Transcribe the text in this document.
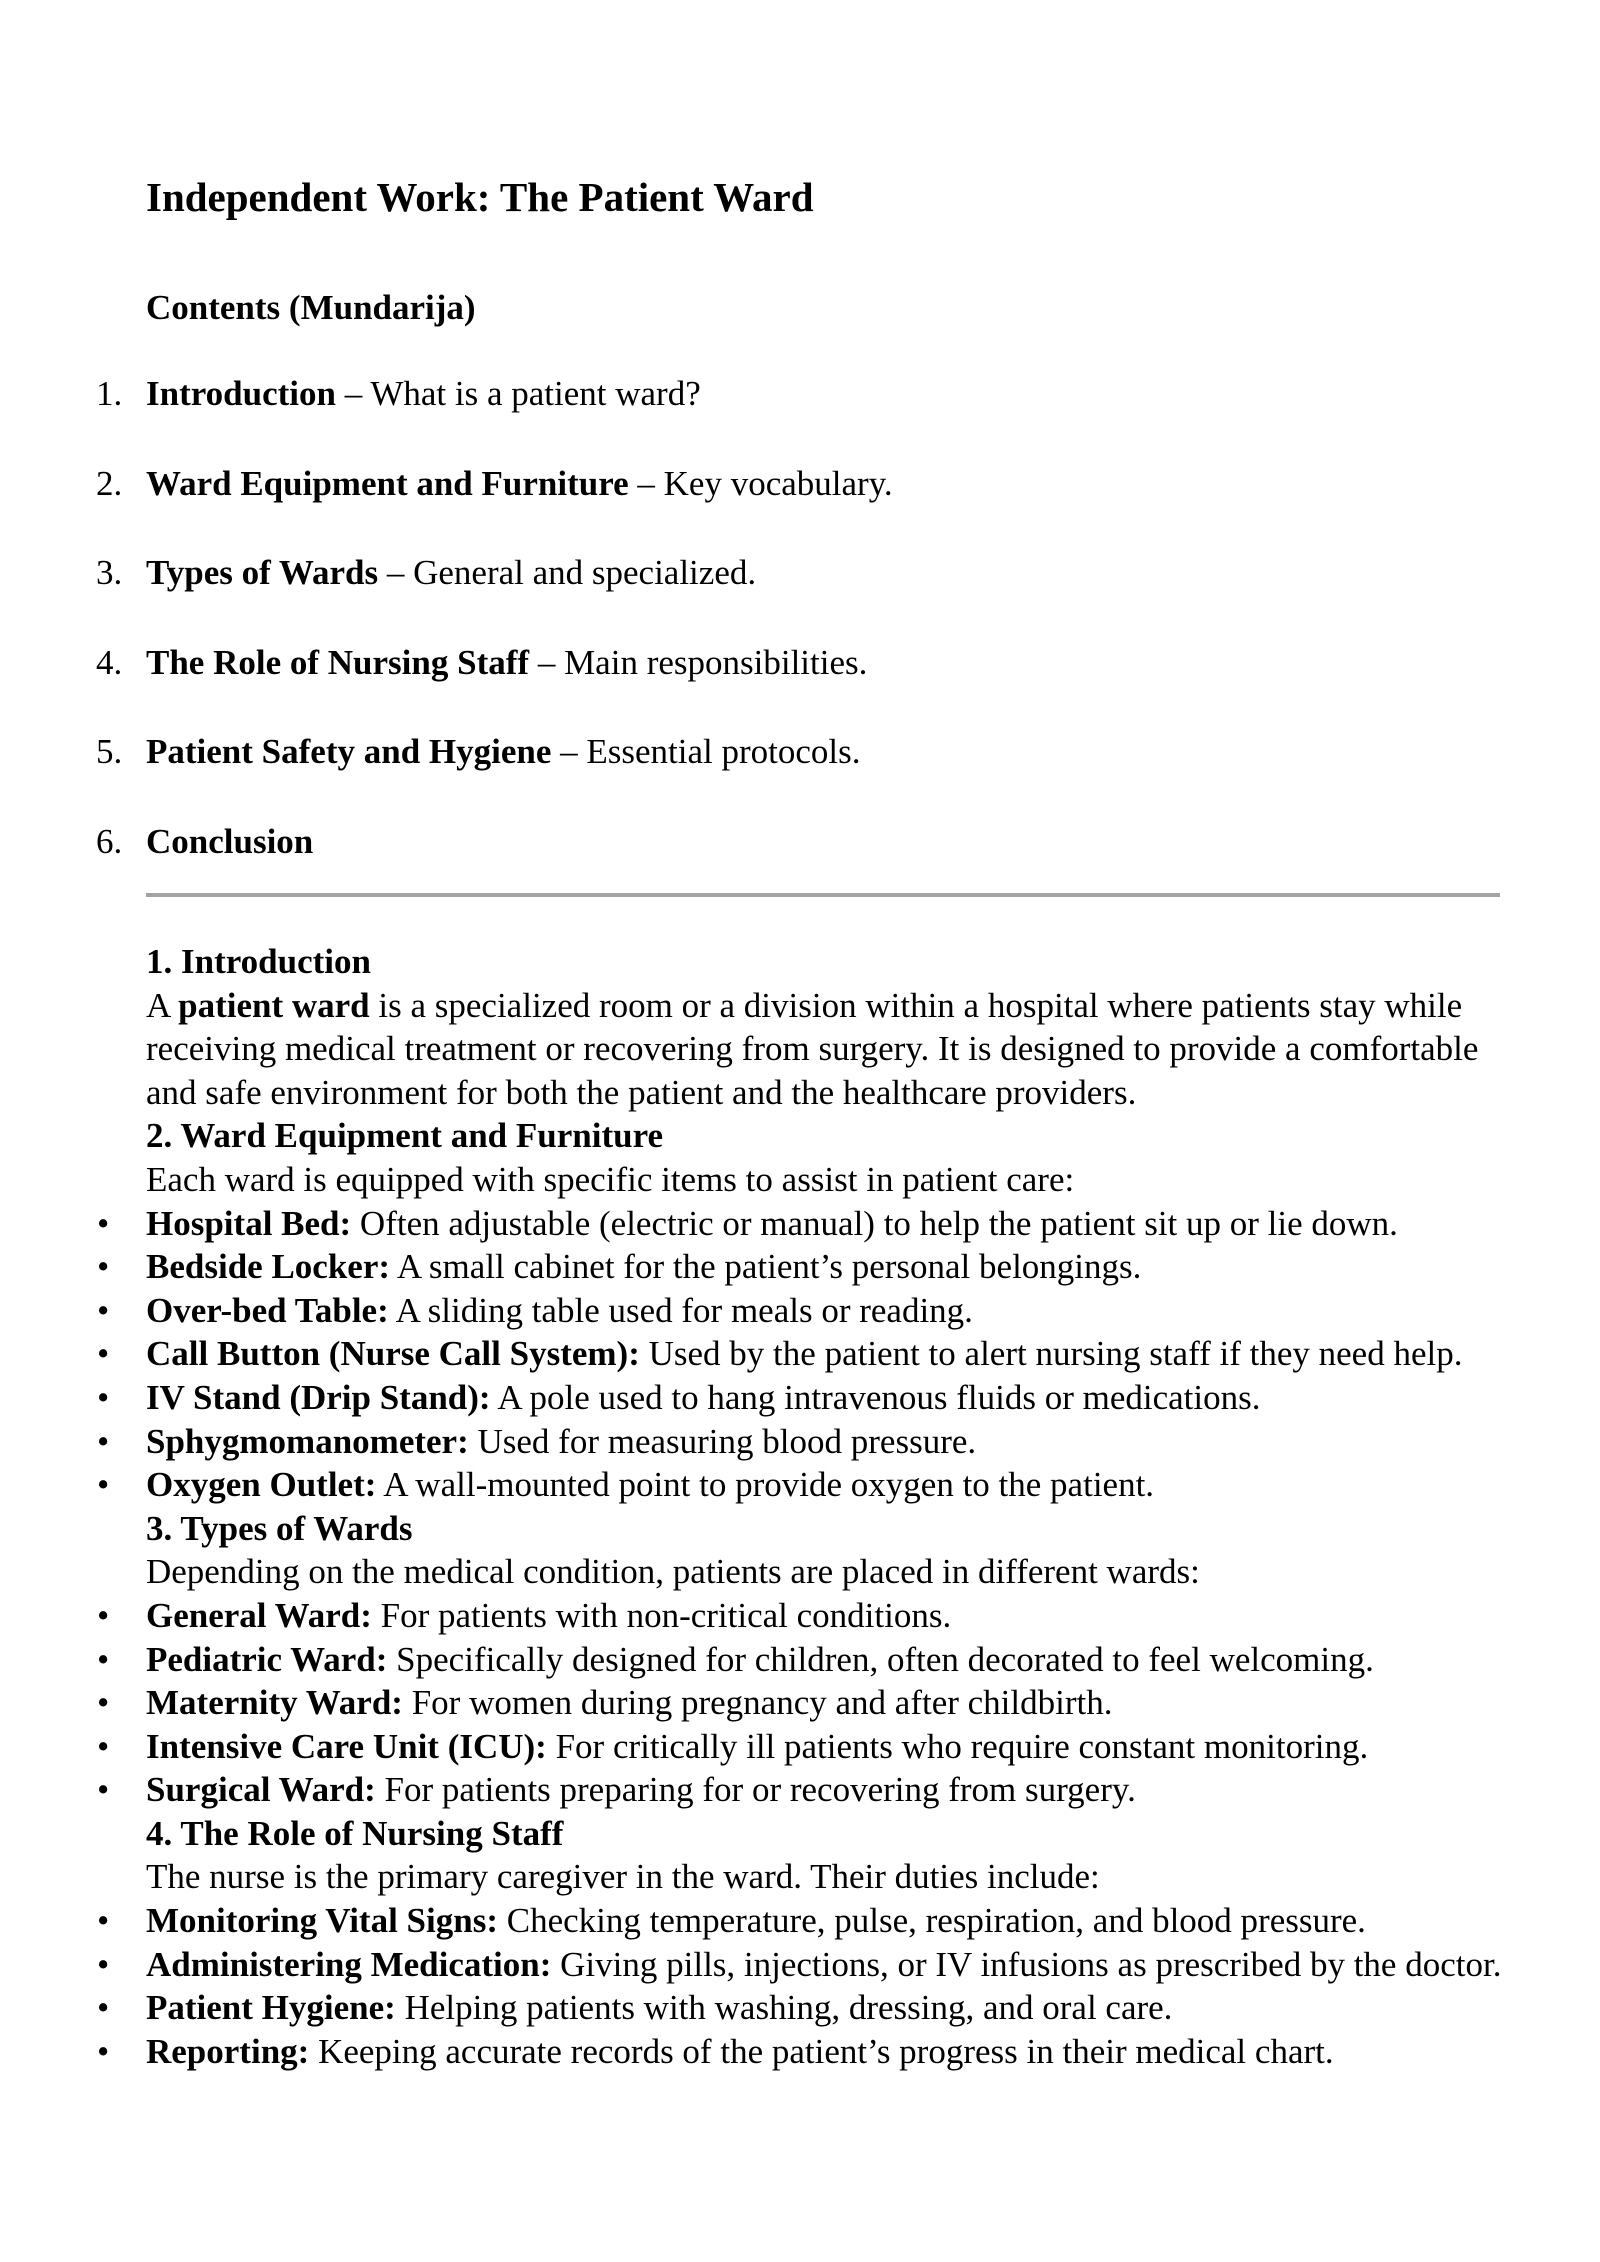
Independent Work: The Patient Ward
Contents (Mundarija)
1. Introduction – What is a patient ward?
2. Ward Equipment and Furniture – Key vocabulary.
3. Types of Wards – General and specialized.
4. The Role of Nursing Staff – Main responsibilities.
5. Patient Safety and Hygiene – Essential protocols.
6. Conclusion
1. Introduction

A patient ward is a specialized room or a division within a hospital where patients stay while receiving medical treatment or recovering from surgery. It is designed to provide a comfortable and safe environment for both the patient and the healthcare providers.

2. Ward Equipment and Furniture

Each ward is equipped with specific items to assist in patient care:

• Hospital Bed: Often adjustable (electric or manual) to help the patient sit up or lie down.
• Bedside Locker: A small cabinet for the patient’s personal belongings.
• Over-bed Table: A sliding table used for meals or reading.
• Call Button (Nurse Call System): Used by the patient to alert nursing staff if they need help.
• IV Stand (Drip Stand): A pole used to hang intravenous fluids or medications.
• Sphygmomanometer: Used for measuring blood pressure.
• Oxygen Outlet: A wall-mounted point to provide oxygen to the patient.
3. Types of Wards

Depending on the medical condition, patients are placed in different wards:

• General Ward: For patients with non-critical conditions.
• Pediatric Ward: Specifically designed for children, often decorated to feel welcoming.
• Maternity Ward: For women during pregnancy and after childbirth.
• Intensive Care Unit (ICU): For critically ill patients who require constant monitoring.
• Surgical Ward: For patients preparing for or recovering from surgery.
4. The Role of Nursing Staff

The nurse is the primary caregiver in the ward. Their duties include:

• Monitoring Vital Signs: Checking temperature, pulse, respiration, and blood pressure.
• Administering Medication: Giving pills, injections, or IV infusions as prescribed by the doctor.
• Patient Hygiene: Helping patients with washing, dressing, and oral care.
• Reporting: Keeping accurate records of the patient’s progress in their medical chart.
